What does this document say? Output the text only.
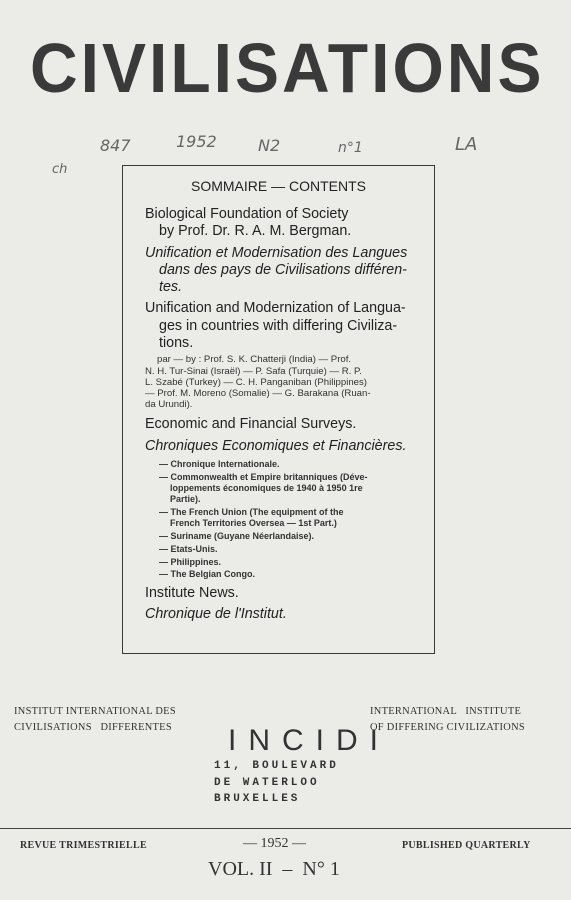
CIVILISATIONS
ch
847	1952	N2	n°1	LA
SOMMAIRE — CONTENTS
Biological Foundation of Society
by Prof. Dr. R. A. M. Bergman.
Unification et Modernisation des Langues
dans des pays de Civilisations différen-
tes.
Unification and Modernization of Langua-
ges in countries with differing Civiliza-
tions.
par — by : Prof. S. K. Chatterji (India) — Prof.
N. H. Tur-Sinai (Israël) — P. Safa (Turquie) — R. P.
L. Szabé (Turkey) — C. H. Panganiban (Philippines)
— Prof. M. Moreno (Somalie) — G. Barakana (Ruan-
da Urundi).
Economic and Financial Surveys.
Chroniques Economiques et Financières.
— Chronique Internationale.
— Commonwealth et Empire britanniques (Déve-
loppements économiques de 1940 à 1950 1re
Partie).
— The French Union (The equipment of the
French Territories Oversea — 1st Part.)
— Suriname (Guyane Néerlandaise).
— Etats-Unis.
— Philippines.
— The Belgian Congo.
Institute News.
Chronique de l'Institut.
INSTITUT INTERNATIONAL DES
CIVILISATIONS   DIFFERENTES
INTERNATIONAL   INSTITUTE
OF DIFFERING CIVILIZATIONS
INCIDI
11, BOULEVARD
DE WATERLOO
BRUXELLES
REVUE TRIMESTRIELLE	— 1952 —	PUBLISHED QUARTERLY
VOL. II  –  N° 1
